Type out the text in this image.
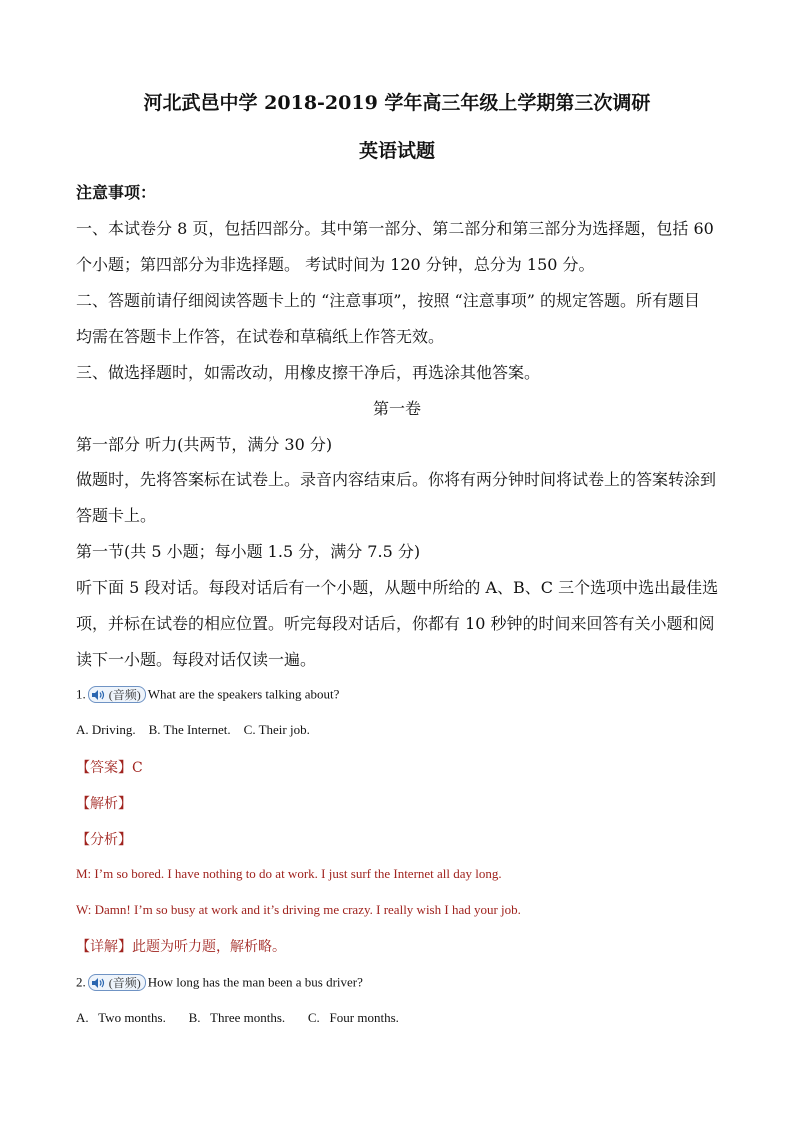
河北武邑中学 2018-2019 学年高三年级上学期第三次调研
英语试题
注意事项：
一、本试卷分 8 页，包括四部分。其中第一部分、第二部分和第三部分为选择题，包括 60
个小题；第四部分为非选择题。 考试时间为 120 分钟，总分为 150 分。
二、答题前请仔细阅读答题卡上的 “注意事项”，按照 “注意事项” 的规定答题。所有题目
均需在答题卡上作答，在试卷和草稿纸上作答无效。
三、做选择题时，如需改动，用橡皮擦干净后，再选涂其他答案。
第一卷
第一部分 听力(共两节，满分 30 分)
做题时，先将答案标在试卷上。录音内容结束后。你将有两分钟时间将试卷上的答案转涂到
答题卡上。
第一节(共 5 小题；每小题 1.5 分，满分 7.5 分)
听下面 5 段对话。每段对话后有一个小题，从题中所给的 A、B、C 三个选项中选出最佳选
项，并标在试卷的相应位置。听完每段对话后，你都有 10 秒钟的时间来回答有关小题和阅
读下一小题。每段对话仅读一遍。
1. (音频) What are the speakers talking about?
A. Driving.    B. The Internet.    C. Their job.
【答案】C
【解析】
【分析】
M: I’m so bored. I have nothing to do at work. I just surf the Internet all day long.
W: Damn! I’m so busy at work and it’s driving me crazy. I really wish I had your job.
【详解】此题为听力题，解析略。
2. (音频) How long has the man been a bus driver?
A.   Two months.       B.   Three months.       C.   Four months.
